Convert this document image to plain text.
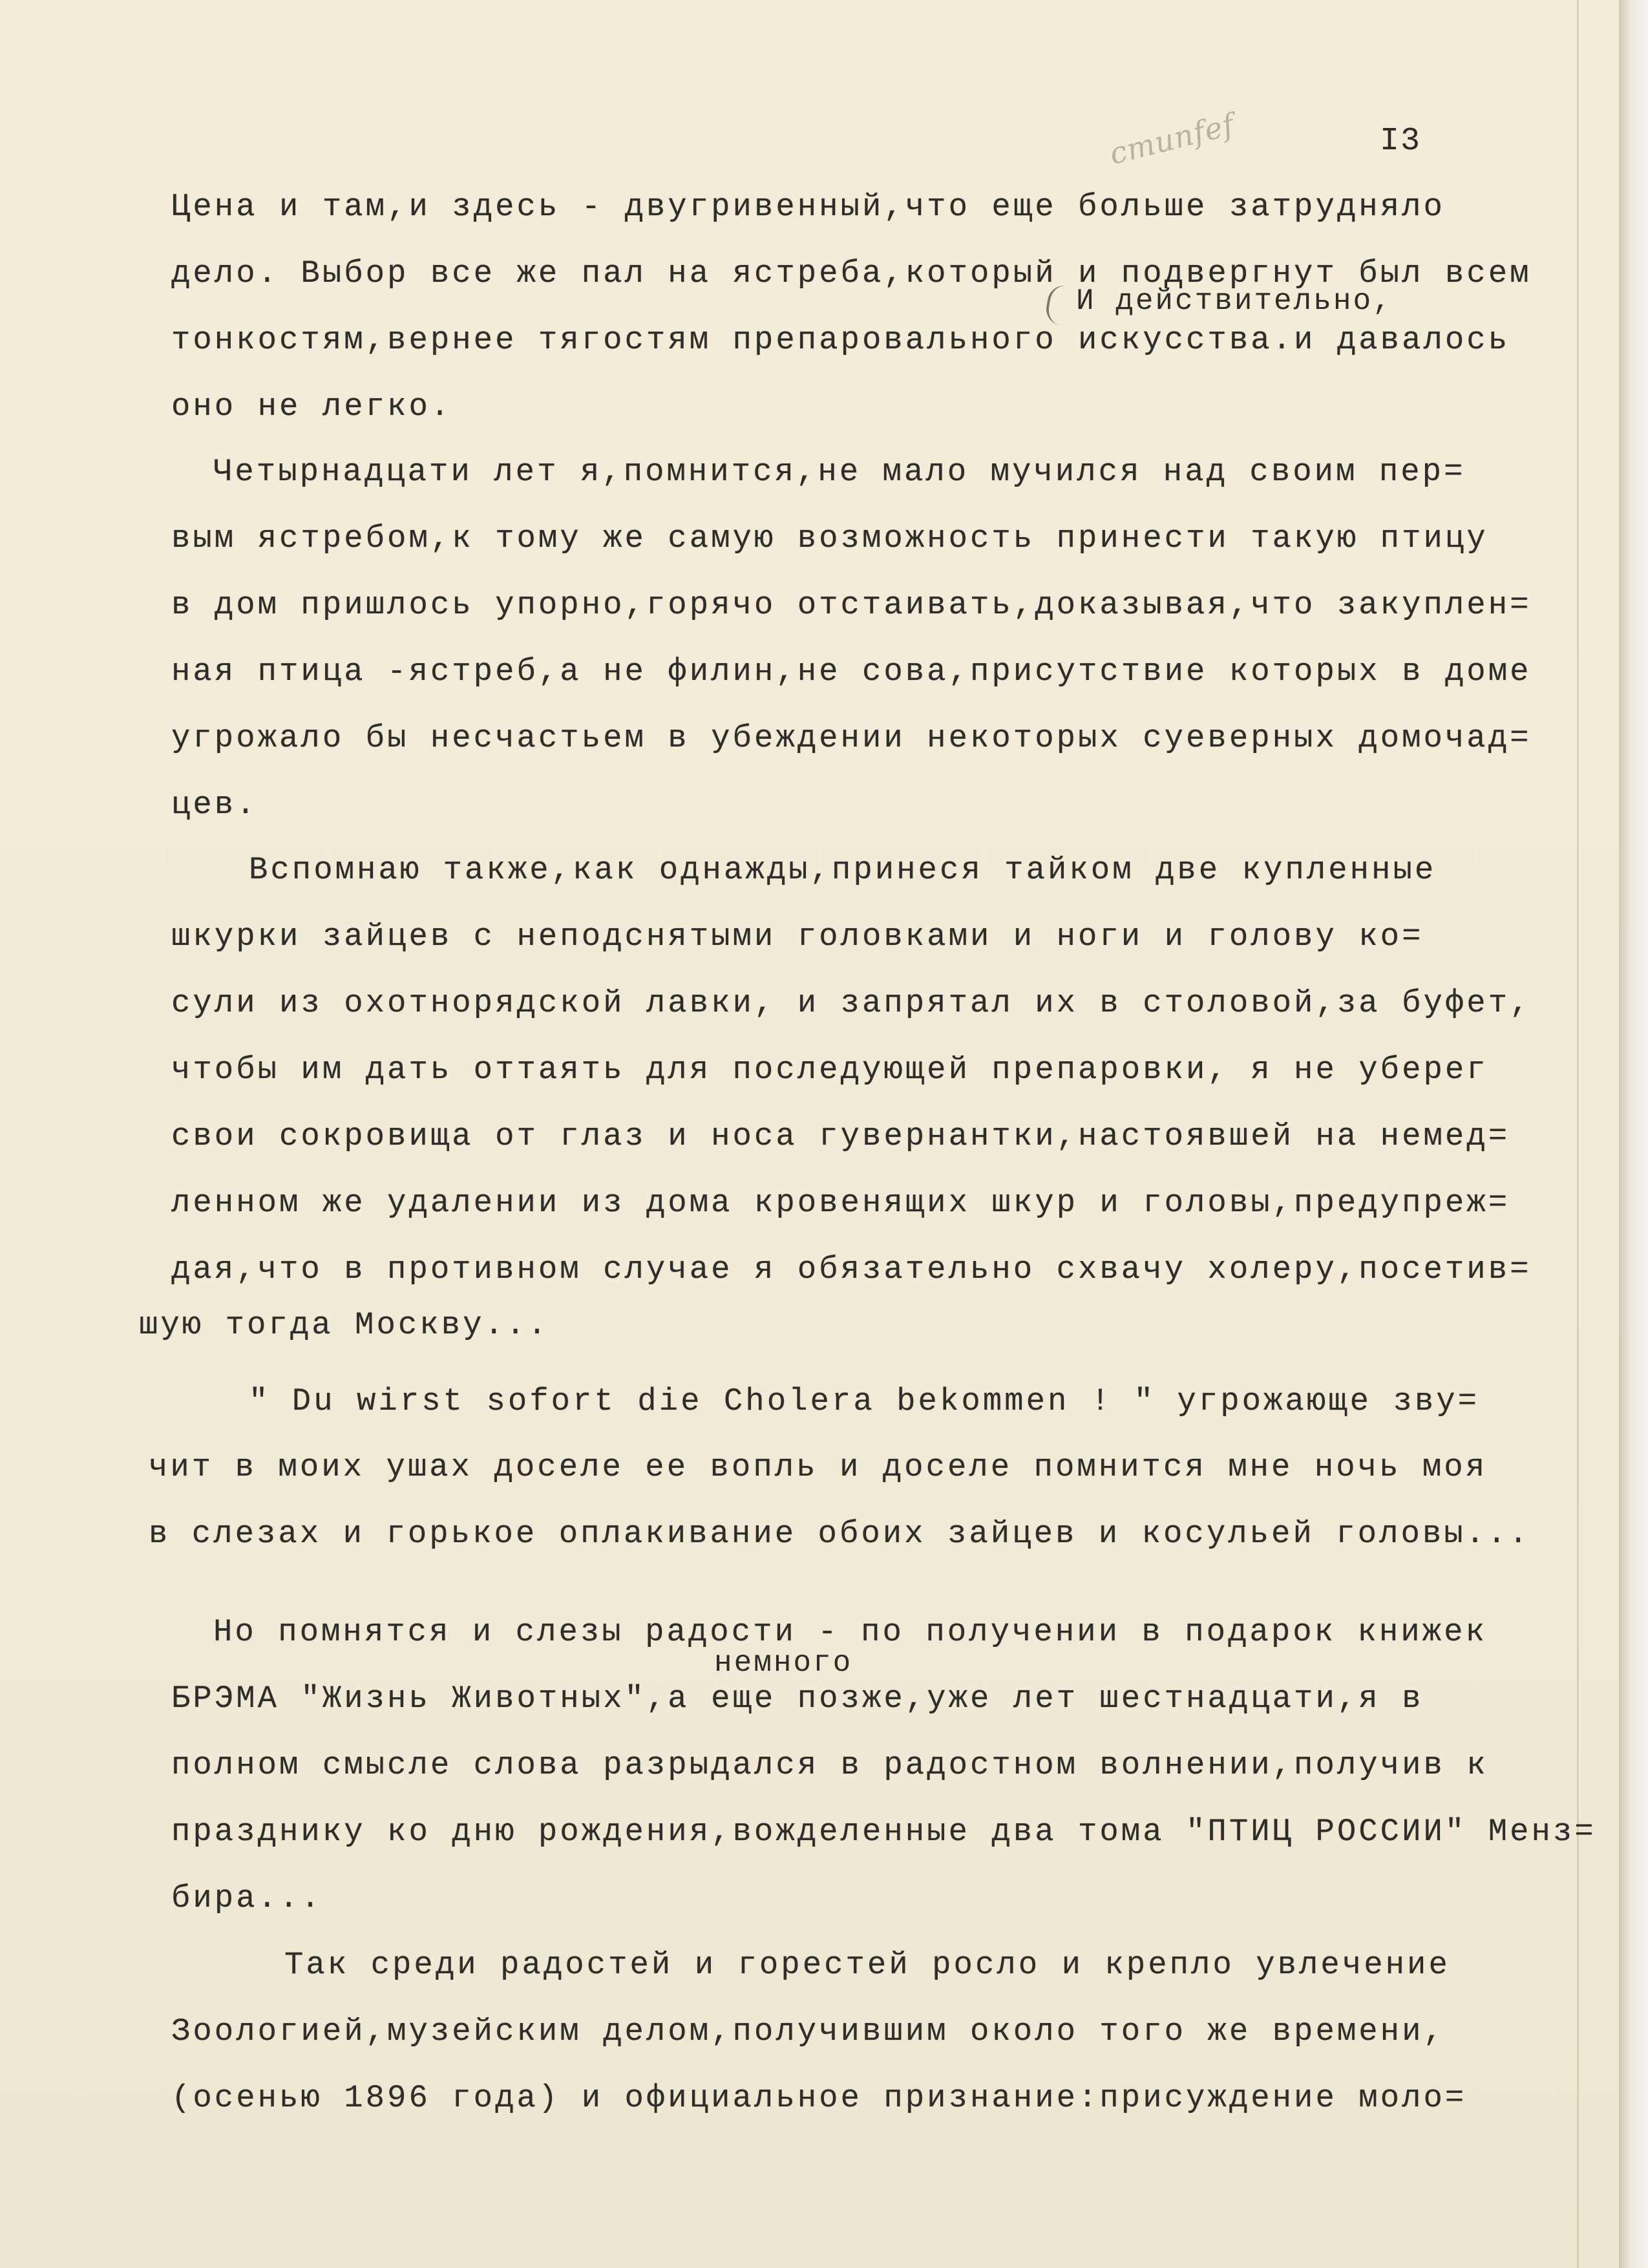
cmunfef	I3
И действительно,
немного
Цена и там,и здесь - двугривенный,что еще больше затрудняло
дело. Выбор все же пал на ястреба,который и подвергнут был всем
тонкостям,вернее тягостям препаровального искусства.и давалось
оно не легко.
Четырнадцати лет я,помнится,не мало мучился над своим пер=
вым ястребом,к тому же самую возможность принести такую птицу
в дом пришлось упорно,горячо отстаивать,доказывая,что закуплен=
ная птица -ястреб,а не филин,не сова,присутствие которых в доме
угрожало бы несчастьем в убеждении некоторых суеверных домочад=
цев.
Вспомнаю также,как однажды,принеся тайком две купленные
шкурки зайцев с неподснятыми головками и ноги и голову ко=
сули из охотнорядской лавки, и запрятал их в столовой,за буфет,
чтобы им дать оттаять для последующей препаровки, я не уберег
свои сокровища от глаз и носа гувернантки,настоявшей на немед=
ленном же удалении из дома кровенящих шкур и головы,предупреж=
дая,что в противном случае я обязательно схвачу холеру,посетив=
шую тогда Москву...
" Du wirst sofort die Cholera bekommen ! " угрожающе зву=
чит в моих ушах доселе ее вопль и доселе помнится мне ночь моя
в слезах и горькое оплакивание обоих зайцев и косульей головы...
Но помнятся и слезы радости - по получении в подарок книжек
БРЭМА "Жизнь Животных",а еще позже,уже лет шестнадцати,я в
полном смысле слова разрыдался в радостном волнении,получив к
празднику ко дню рождения,вожделенные два тома "ПТИЦ РОССИИ" Менз=
бира...
Так среди радостей и горестей росло и крепло увлечение
Зоологией,музейским делом,получившим около того же времени,
(осенью 1896 года) и официальное признание:присуждение моло=
